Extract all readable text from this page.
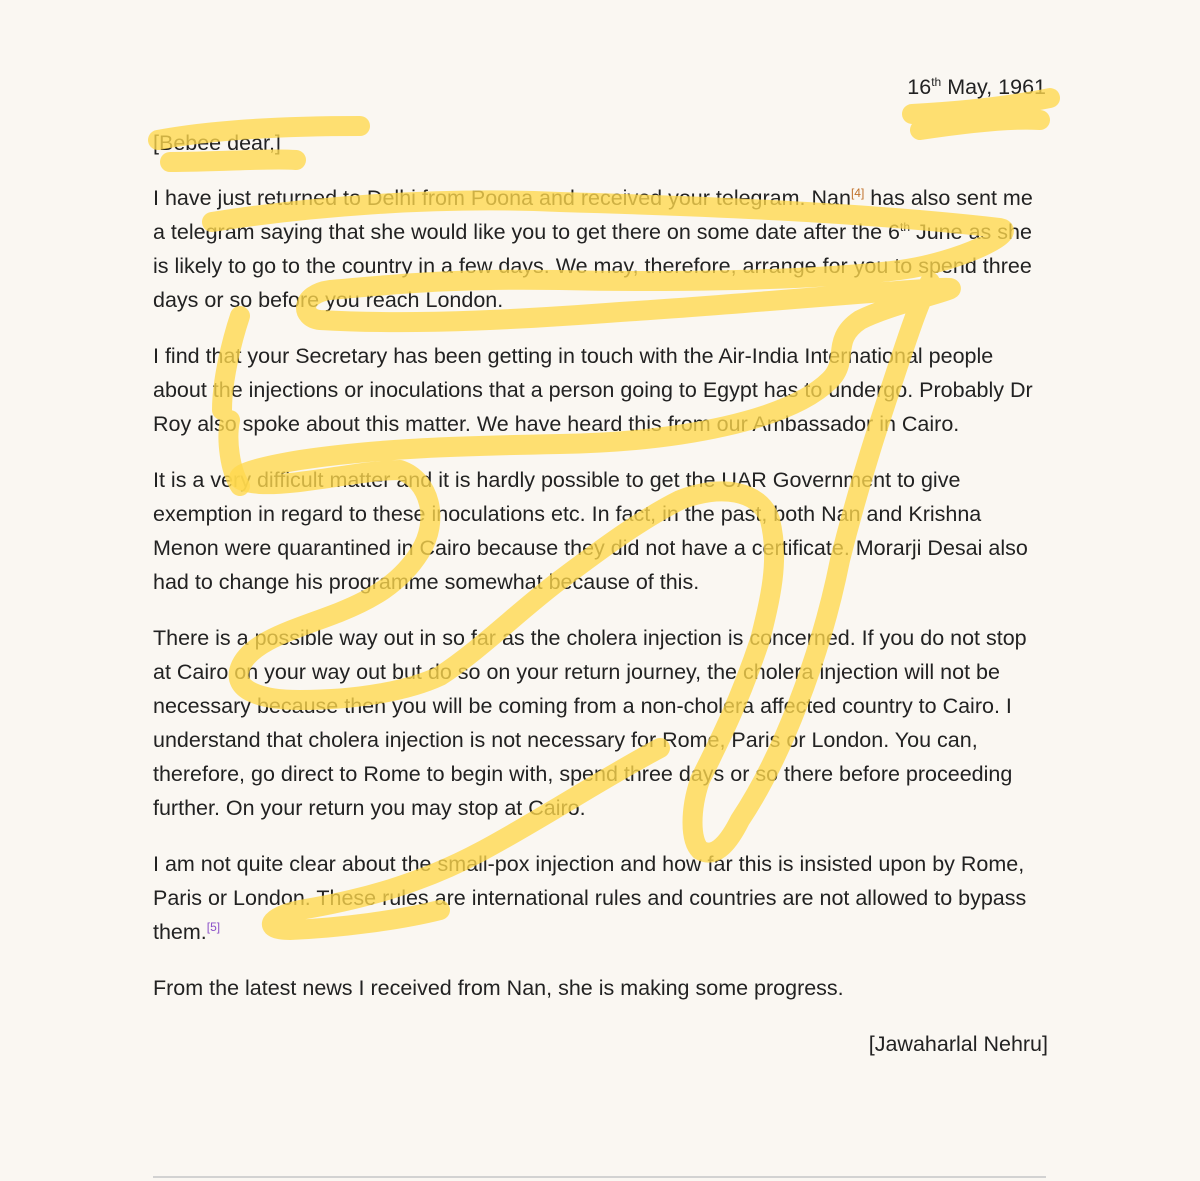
16th May, 1961

[Bebee dear,]

I have just returned to Delhi from Poona and received your telegram. Nan[4] has also sent me a telegram saying that she would like you to get there on some date after the 6th June as she is likely to go to the country in a few days. We may, therefore, arrange for you to spend three days or so before you reach London.

I find that your Secretary has been getting in touch with the Air-India International people about the injections or inoculations that a person going to Egypt has to undergo. Probably Dr Roy also spoke about this matter. We have heard this from our Ambassador in Cairo.

It is a very difficult matter and it is hardly possible to get the UAR Government to give exemption in regard to these inoculations etc. In fact, in the past, both Nan and Krishna Menon were quarantined in Cairo because they did not have a certificate. Morarji Desai also had to change his programme somewhat because of this.

There is a possible way out in so far as the cholera injection is concerned. If you do not stop at Cairo on your way out but do so on your return journey, the cholera injection will not be necessary because then you will be coming from a non-cholera affected country to Cairo. I understand that cholera injection is not necessary for Rome, Paris or London. You can, therefore, go direct to Rome to begin with, spend three days or so there before proceeding further. On your return you may stop at Cairo.

I am not quite clear about the small-pox injection and how far this is insisted upon by Rome, Paris or London. These rules are international rules and countries are not allowed to bypass them.[5]

From the latest news I received from Nan, she is making some progress.

[Jawaharlal Nehru]
